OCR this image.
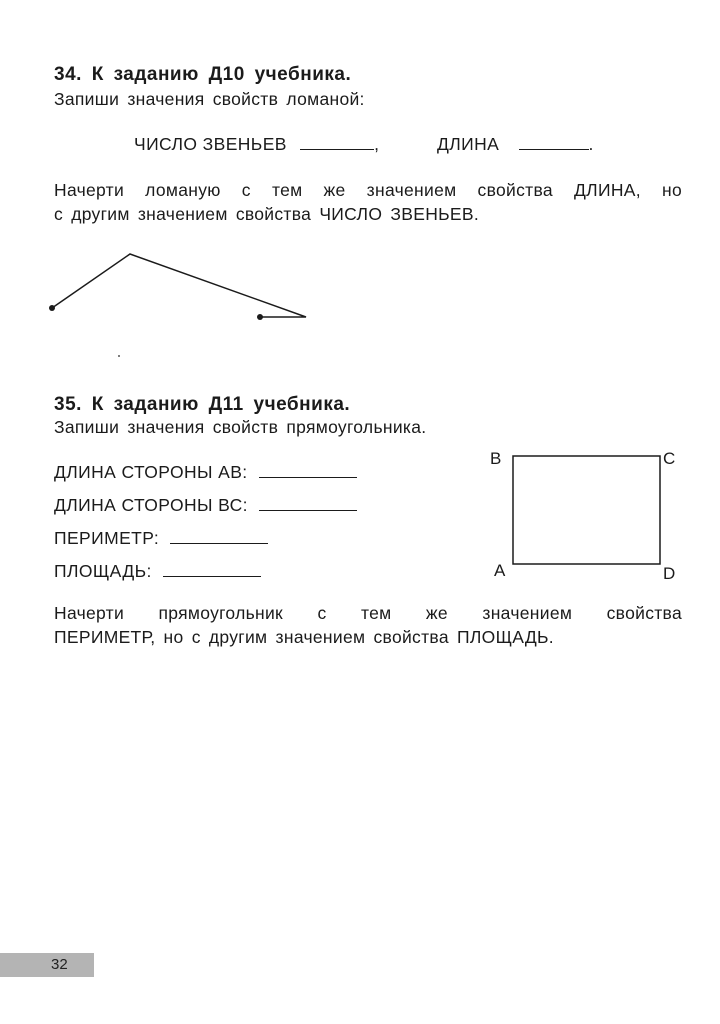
34. К заданию Д10 учебника.
Запиши значения свойств ломаной:
ЧИСЛО ЗВЕНЬЕВ	,	ДЛИНА	.
Начерти ломаную с тем же значением свойства ДЛИНА, но
с другим значением свойства ЧИСЛО ЗВЕНЬЕВ.
35. К заданию Д11 учебника.
Запиши значения свойств прямоугольника.
ДЛИНА СТОРОНЫ АВ:
ДЛИНА СТОРОНЫ ВС:
ПЕРИМЕТР:
ПЛОЩАДЬ:
В	С
А	D
Начерти прямоугольник с тем же значением свойства
ПЕРИМЕТР, но с другим значением свойства ПЛОЩАДЬ.
32
